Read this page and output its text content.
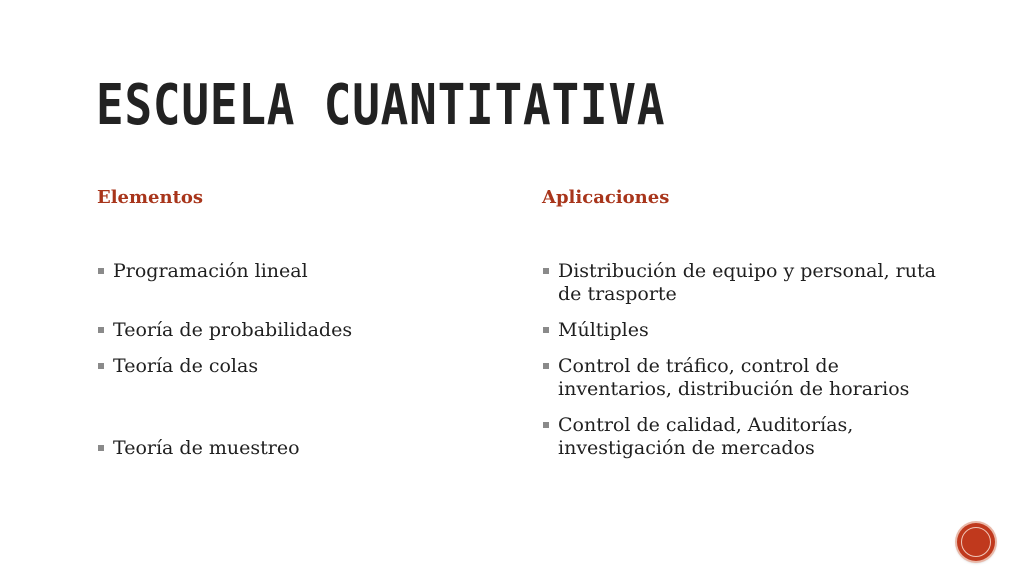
ESCUELA CUANTITATIVA
Elementos
Programación lineal
Teoría de probabilidades
Teoría de colas
Teoría de muestreo
Aplicaciones
Distribución de equipo y personal, ruta de trasporte
Múltiples
Control de tráfico, control de inventarios, distribución de horarios
Control de calidad, Auditorías, investigación de mercados
